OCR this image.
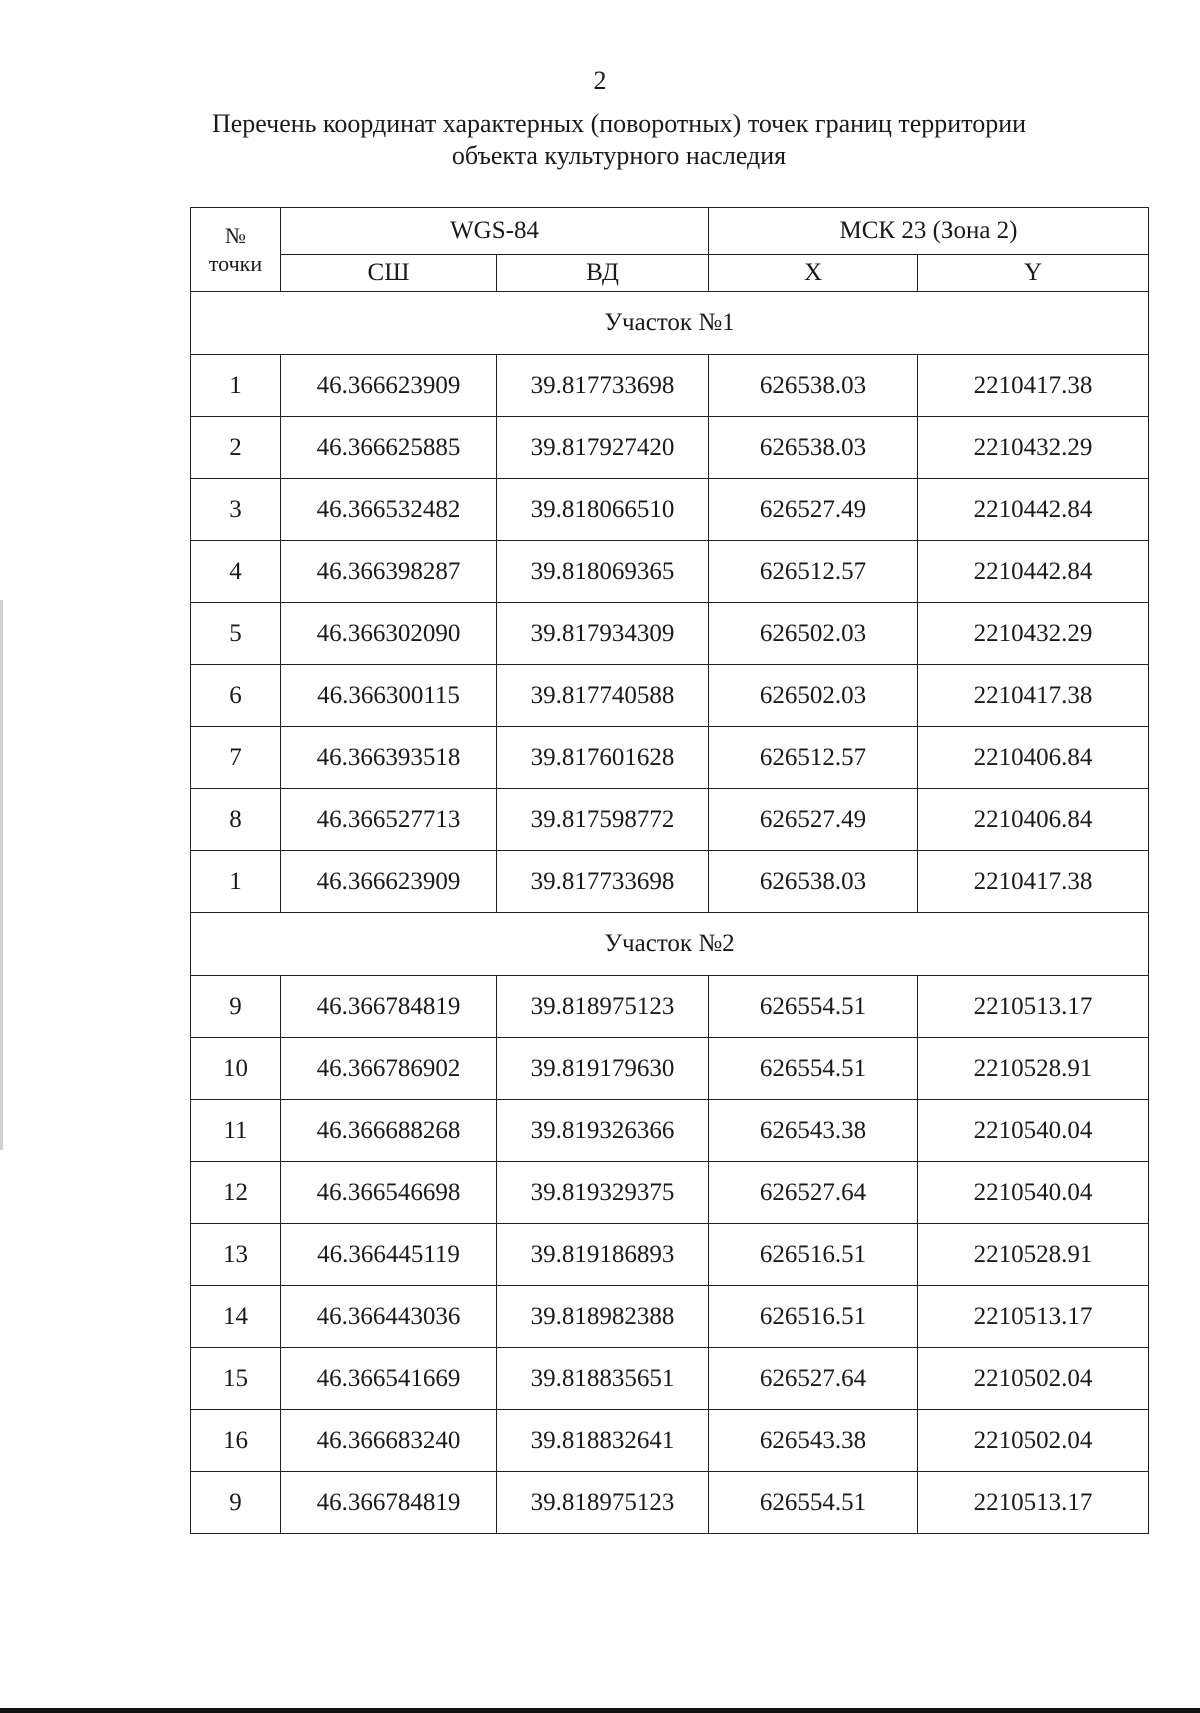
2
Перечень координат характерных (поворотных) точек границ территории
объекта культурного наследия
№
точки	WGS-84		МСК 23 (Зона 2)	
	СШ	ВД	X	Y
Участок №1				
1	46.366623909	39.817733698	626538.03	2210417.38
2	46.366625885	39.817927420	626538.03	2210432.29
3	46.366532482	39.818066510	626527.49	2210442.84
4	46.366398287	39.818069365	626512.57	2210442.84
5	46.366302090	39.817934309	626502.03	2210432.29
6	46.366300115	39.817740588	626502.03	2210417.38
7	46.366393518	39.817601628	626512.57	2210406.84
8	46.366527713	39.817598772	626527.49	2210406.84
1	46.366623909	39.817733698	626538.03	2210417.38
Участок №2				
9	46.366784819	39.818975123	626554.51	2210513.17
10	46.366786902	39.819179630	626554.51	2210528.91
11	46.366688268	39.819326366	626543.38	2210540.04
12	46.366546698	39.819329375	626527.64	2210540.04
13	46.366445119	39.819186893	626516.51	2210528.91
14	46.366443036	39.818982388	626516.51	2210513.17
15	46.366541669	39.818835651	626527.64	2210502.04
16	46.366683240	39.818832641	626543.38	2210502.04
9	46.366784819	39.818975123	626554.51	2210513.17
